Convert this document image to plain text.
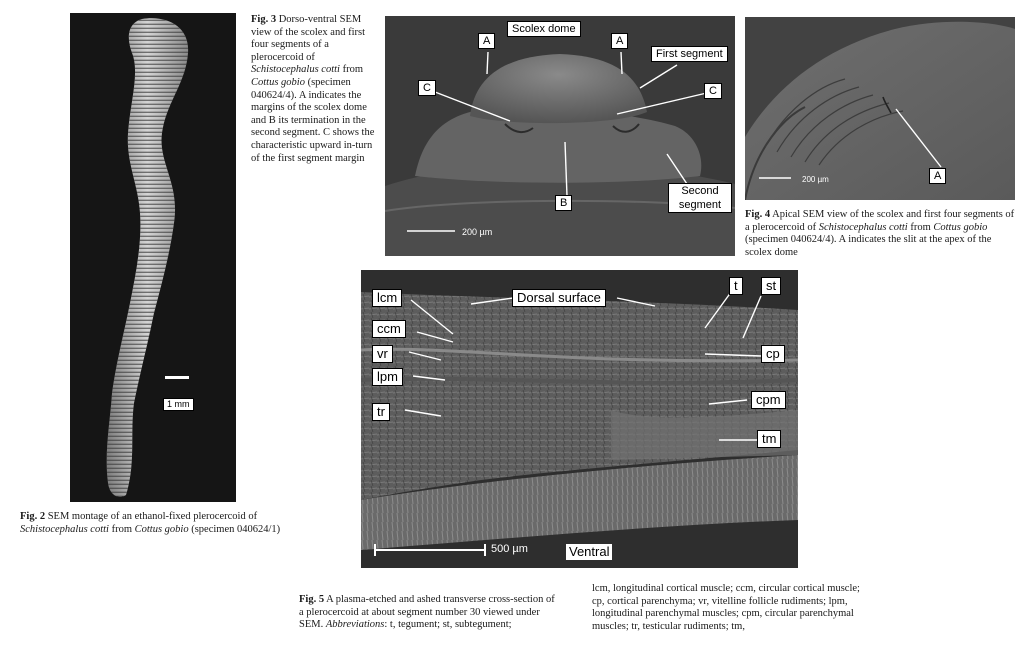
1 mm
Fig. 2 SEM montage of an ethanol-fixed plerocercoid of Schistocephalus cotti from Cottus gobio (specimen 040624/1)
Fig. 3 Dorso-ventral SEM view of the scolex and first four segments of a plerocercoid of Schistocephalus cotti from Cottus gobio (specimen 040624/4). A indicates the margins of the scolex dome and B its termination in the second segment. C shows the characteristic upward in-turn of the first segment margin
Scolex dome
A	A
C	C
First segment
B
Second segment
200 µm
A
200 µm
Fig. 4 Apical SEM view of the scolex and first four segments of a plerocercoid of Schistocephalus cotti from Cottus gobio (specimen 040624/4). A indicates the slit at the apex of the scolex dome
Dorsal surface
t	st
lcm
ccm
vr
lpm
tr
cp
cpm
tm
500 µm	Ventral
Fig. 5 A plasma-etched and ashed transverse cross-section of a plerocercoid at about segment number 30 viewed under SEM. Abbreviations: t, tegument; st, subtegument;
lcm, longitudinal cortical muscle; ccm, circular cortical muscle; cp, cortical parenchyma; vr, vitelline follicle rudiments; lpm, longitudinal parenchymal muscles; cpm, circular parenchymal muscles; tr, testicular rudiments; tm,
